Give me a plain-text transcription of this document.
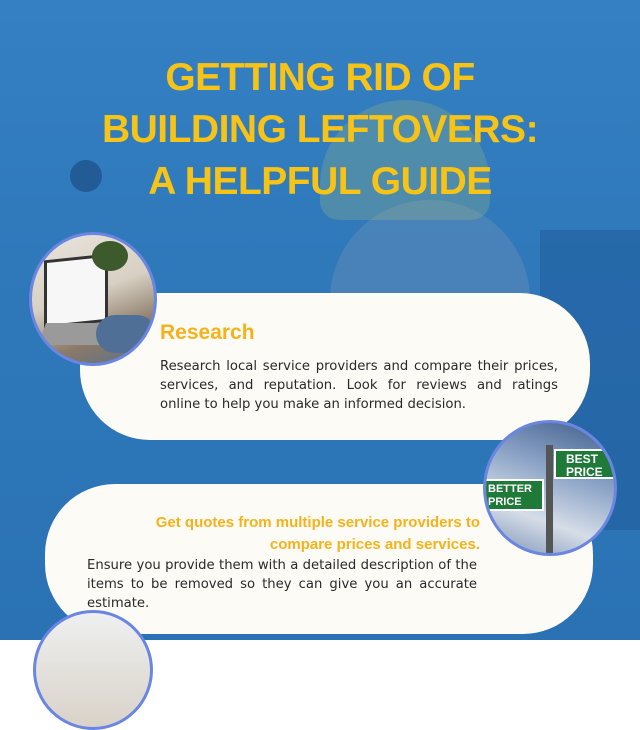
GETTING RID OF
BUILDING LEFTOVERS:
A HELPFUL GUIDE
Research
Research local service providers and compare their prices, services, and reputation. Look for reviews and ratings online to help you make an informed decision.
Get quotes from multiple service providers to
compare prices and services.
Ensure you provide them with a detailed description of the items to be removed so they can give you an accurate estimate.
BEST PRICE
BETTER PRICE
